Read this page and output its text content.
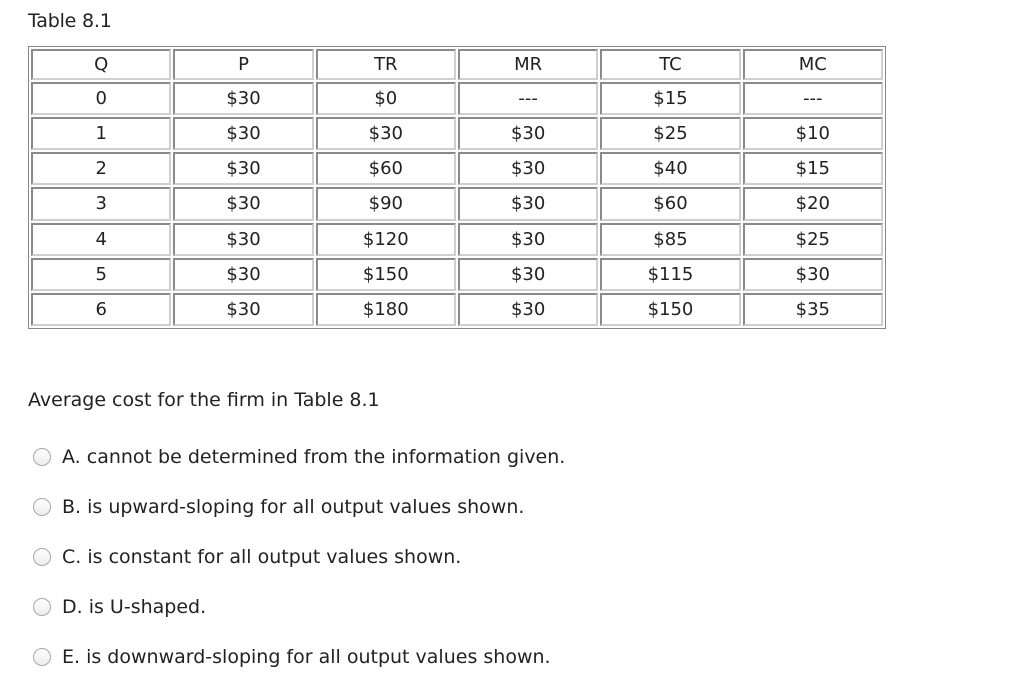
Table 8.1
Q	P	TR	MR	TC	MC
0	$30	$0	---	$15	---
1	$30	$30	$30	$25	$10
2	$30	$60	$30	$40	$15
3	$30	$90	$30	$60	$20
4	$30	$120	$30	$85	$25
5	$30	$150	$30	$115	$30
6	$30	$180	$30	$150	$35
Average cost for the firm in Table 8.1
A. cannot be determined from the information given.
B. is upward-sloping for all output values shown.
C. is constant for all output values shown.
D. is U-shaped.
E. is downward-sloping for all output values shown.
